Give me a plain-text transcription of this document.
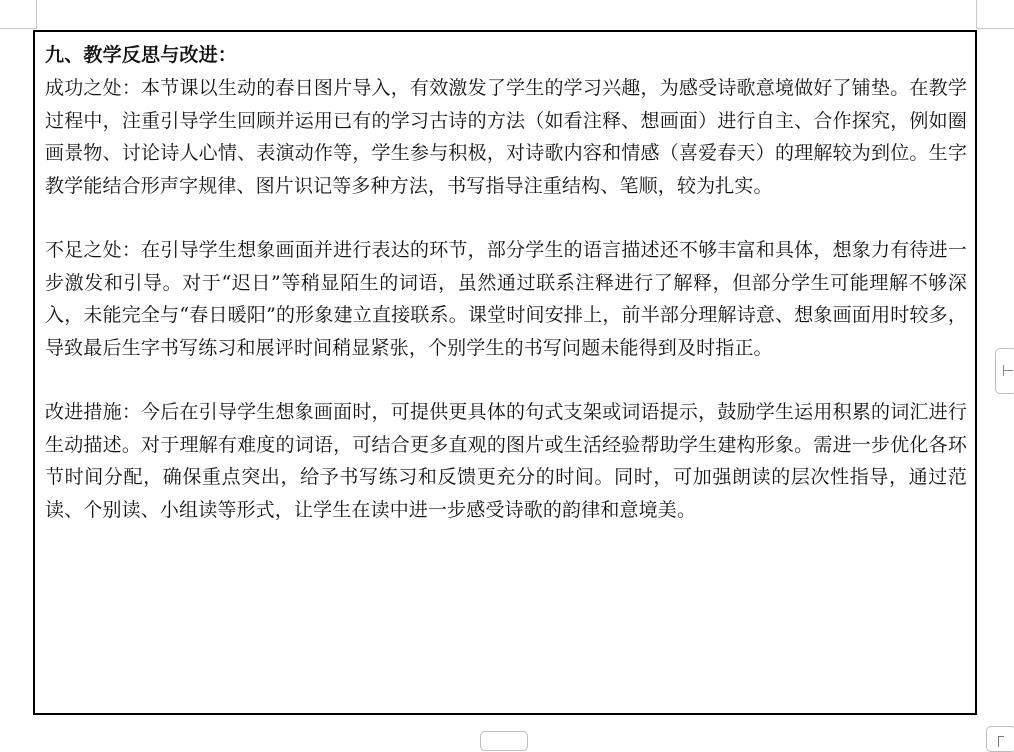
九、教学反思与改进：

成功之处：本节课以生动的春日图片导入，有效激发了学生的学习兴趣，为感受诗歌意境做好了铺垫。在教学过程中，注重引导学生回顾并运用已有的学习古诗的方法（如看注释、想画面）进行自主、合作探究，例如圈画景物、讨论诗人心情、表演动作等，学生参与积极，对诗歌内容和情感（喜爱春天）的理解较为到位。生字教学能结合形声字规律、图片识记等多种方法，书写指导注重结构、笔顺，较为扎实。

不足之处：在引导学生想象画面并进行表达的环节，部分学生的语言描述还不够丰富和具体，想象力有待进一步激发和引导。对于“迟日”等稍显陌生的词语，虽然通过联系注释进行了解释，但部分学生可能理解不够深入，未能完全与“春日暖阳”的形象建立直接联系。课堂时间安排上，前半部分理解诗意、想象画面用时较多，导致最后生字书写练习和展评时间稍显紧张，个别学生的书写问题未能得到及时指正。

改进措施：今后在引导学生想象画面时，可提供更具体的句式支架或词语提示，鼓励学生运用积累的词汇进行生动描述。对于理解有难度的词语，可结合更多直观的图片或生活经验帮助学生建构形象。需进一步优化各环节时间分配，确保重点突出，给予书写练习和反馈更充分的时间。同时，可加强朗读的层次性指导，通过范读、个别读、小组读等形式，让学生在读中进一步感受诗歌的韵律和意境美。
